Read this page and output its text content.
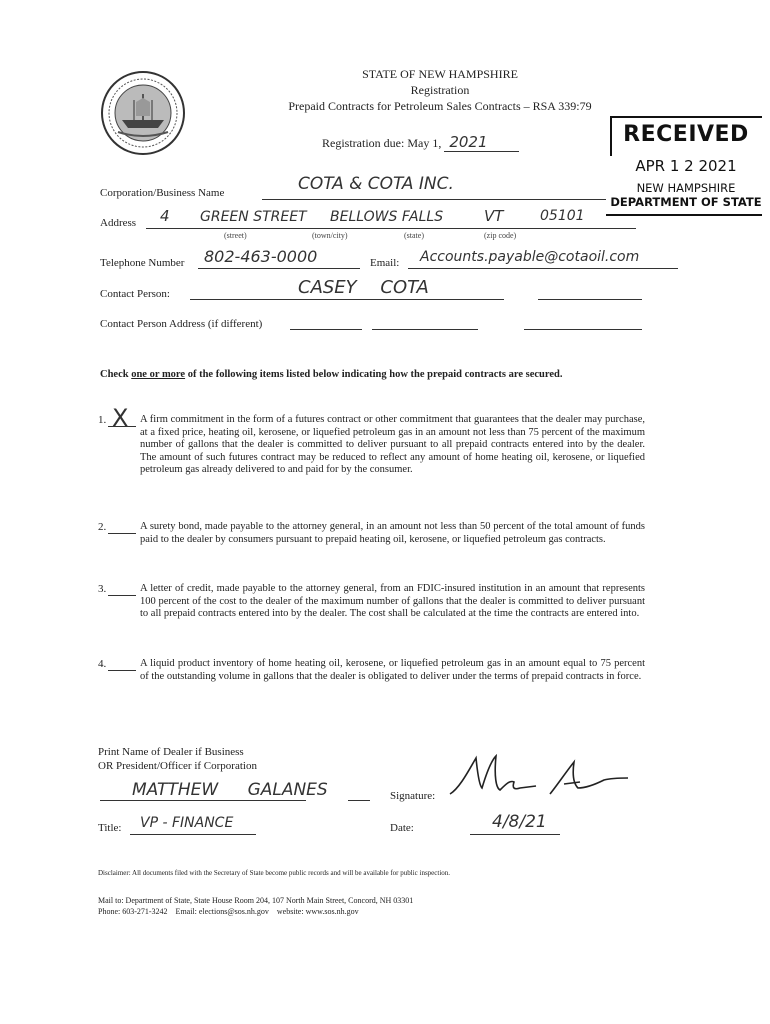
STATE OF NEW HAMPSHIRE
Registration
Prepaid Contracts for Petroleum Sales Contracts – RSA 339:79
Registration due: May 1, 2021	RECEIVED
APR 1 2 2021
NEW HAMPSHIRE
DEPARTMENT OF STATE
Corporation/Business Name	COTA & COTA INC.
Address 4 GREEN STREET BELLOWS FALLS	VT	05101
(street)	(town/city)	(state)	(zip code)
Telephone Number 802-463-0000	Email: Accounts.payable@cotaoil.com
Contact Person:	CASEY COTA
Contact Person Address (if different)
Check one or more of the following items listed below indicating how the prepaid contracts are secured.
1. X A firm commitment in the form of a futures contract or other commitment that guarantees that the dealer may purchase, at a fixed price, heating oil, kerosene, or liquefied petroleum gas in an amount not less than 75 percent of the maximum number of gallons that the dealer is committed to deliver pursuant to all prepaid contracts entered into by the dealer. The amount of such futures contract may be reduced to reflect any amount of home heating oil, kerosene, or liquefied petroleum gas already delivered to and paid for by the consumer.
2.	A surety bond, made payable to the attorney general, in an amount not less than 50 percent of the total amount of funds paid to the dealer by consumers pursuant to prepaid heating oil, kerosene, or liquefied petroleum gas contracts.
3.	A letter of credit, made payable to the attorney general, from an FDIC-insured institution in an amount that represents 100 percent of the cost to the dealer of the maximum number of gallons that the dealer is committed to deliver pursuant to all prepaid contracts entered into by the dealer. The cost shall be calculated at the time the contracts are entered into.
4.	A liquid product inventory of home heating oil, kerosene, or liquefied petroleum gas in an amount equal to 75 percent of the outstanding volume in gallons that the dealer is obligated to deliver under the terms of prepaid contracts in force.
Print Name of Dealer if Business
OR President/Officer if Corporation
MATTHEW GALANES	Signature:
Title: VP - FINANCE	Date:	4/8/21
Disclaimer: All documents filed with the Secretary of State become public records and will be available for public inspection.
Mail to: Department of State, State House Room 204, 107 North Main Street, Concord, NH 03301
Phone: 603-271-3242    Email: elections@sos.nh.gov    website: www.sos.nh.gov
